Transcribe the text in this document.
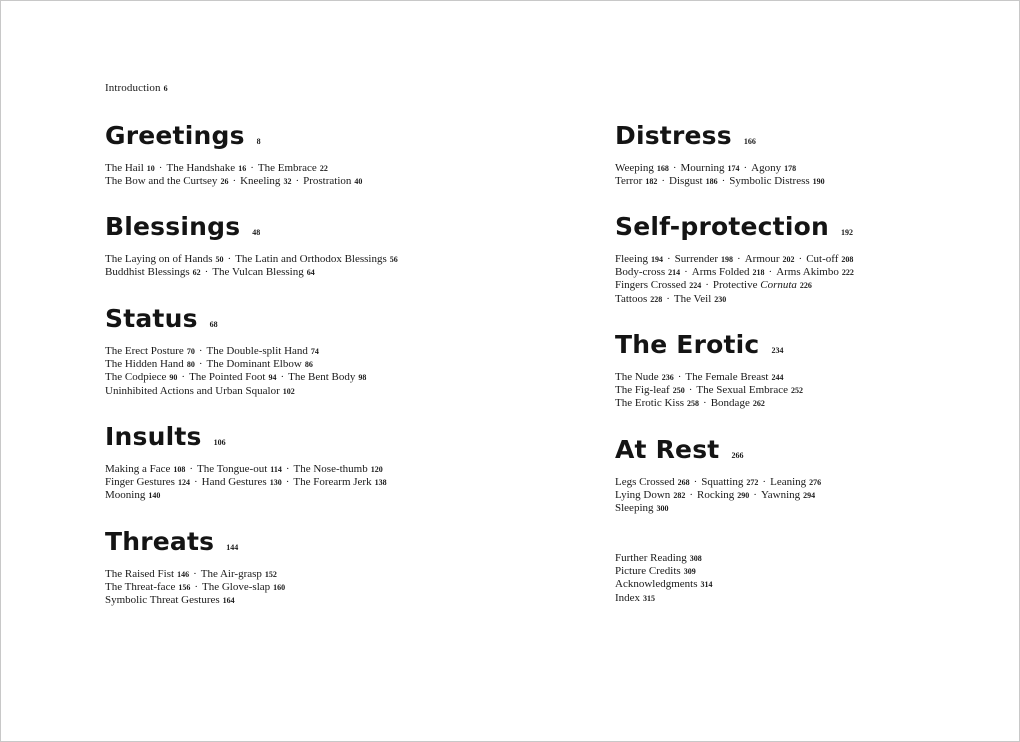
Introduction 6
Greetings 8
The Hail 10 · The Handshake 16 · The Embrace 22
The Bow and the Curtsey 26 · Kneeling 32 · Prostration 40
Blessings 48
The Laying on of Hands 50 · The Latin and Orthodox Blessings 56
Buddhist Blessings 62 · The Vulcan Blessing 64
Status 68
The Erect Posture 70 · The Double-split Hand 74
The Hidden Hand 80 · The Dominant Elbow 86
The Codpiece 90 · The Pointed Foot 94 · The Bent Body 98
Uninhibited Actions and Urban Squalor 102
Insults 106
Making a Face 108 · The Tongue-out 114 · The Nose-thumb 120
Finger Gestures 124 · Hand Gestures 130 · The Forearm Jerk 138
Mooning 140
Threats 144
The Raised Fist 146 · The Air-grasp 152
The Threat-face 156 · The Glove-slap 160
Symbolic Threat Gestures 164
Further Reading 308
Picture Credits 309
Acknowledgments 314
Index 315
Distress 166
Weeping 168 · Mourning 174 · Agony 178
Terror 182 · Disgust 186 · Symbolic Distress 190
Self-protection 192
Fleeing 194 · Surrender 198 · Armour 202 · Cut-off 208
Body-cross 214 · Arms Folded 218 · Arms Akimbo 222
Fingers Crossed 224 · Protective Cornuta 226
Tattoos 228 · The Veil 230
The Erotic 234
The Nude 236 · The Female Breast 244
The Fig-leaf 250 · The Sexual Embrace 252
The Erotic Kiss 258 · Bondage 262
At Rest 266
Legs Crossed 268 · Squatting 272 · Leaning 276
Lying Down 282 · Rocking 290 · Yawning 294
Sleeping 300
